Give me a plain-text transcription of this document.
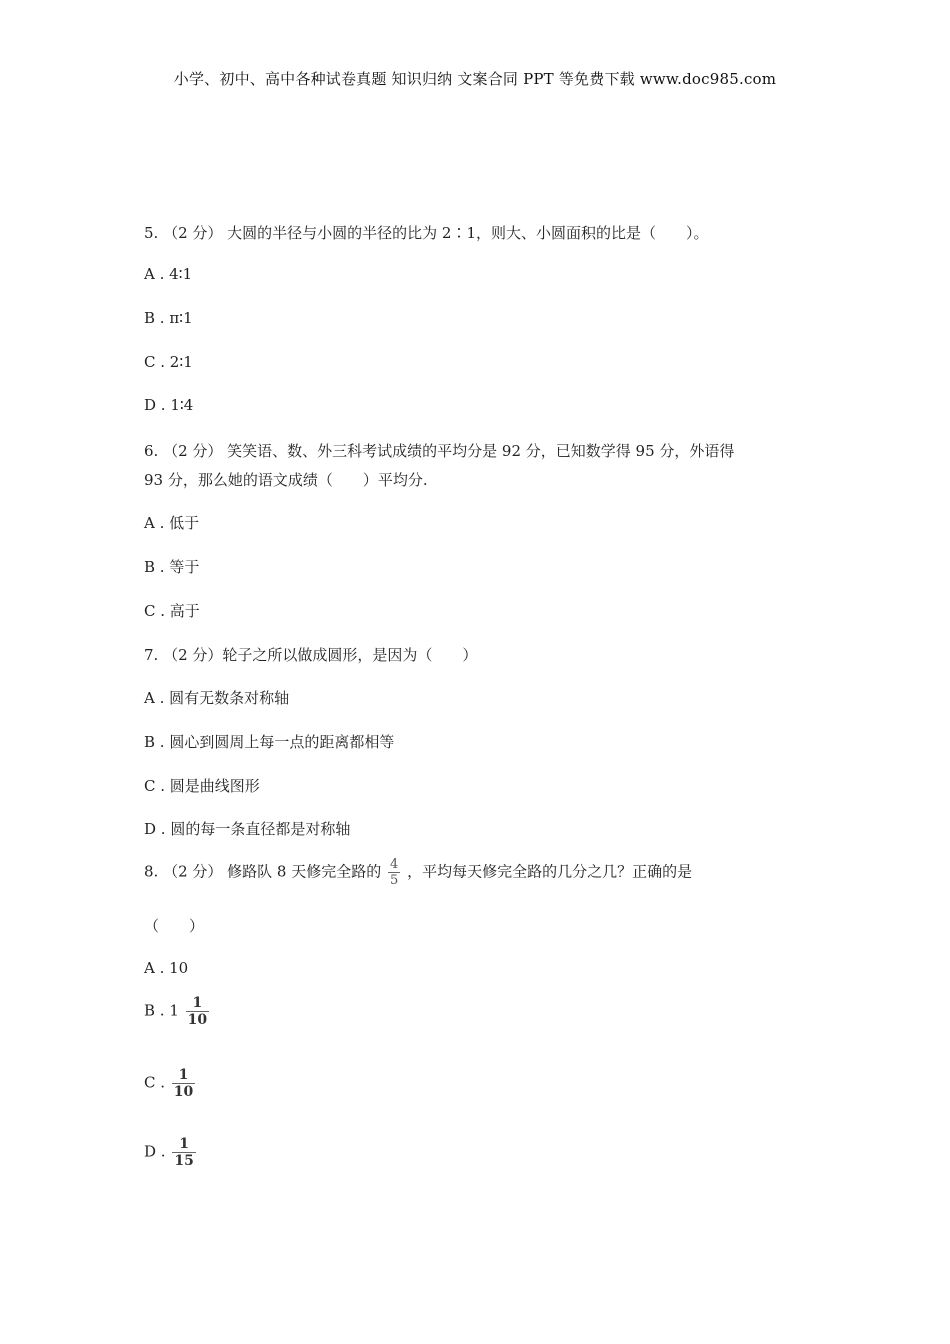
小学、初中、高中各种试卷真题 知识归纳 文案合同 PPT 等免费下载 www.doc985.com
5. （2 分） 大圆的半径与小圆的半径的比为 2∶1，则大、小圆面积的比是（　　）。
A . 4∶1
B . π∶1
C . 2∶1
D . 1∶4
6. （2 分） 笑笑语、数、外三科考试成绩的平均分是 92 分，已知数学得 95 分，外语得
93 分，那么她的语文成绩（　　）平均分.
A . 低于
B . 等于
C . 高于
7. （2 分）轮子之所以做成圆形，是因为（　　）
A . 圆有无数条对称轴
B . 圆心到圆周上每一点的距离都相等
C . 圆是曲线图形
D . 圆的每一条直径都是对称轴
8. （2 分） 修路队 8 天修完全路的 $\frac{4}{5}$ ，平均每天修完全路的几分之几？正确的是
（　　）
A . 10
B . $1 \frac{1}{10}$
C . $\frac{1}{10}$
D . $\frac{1}{15}$
